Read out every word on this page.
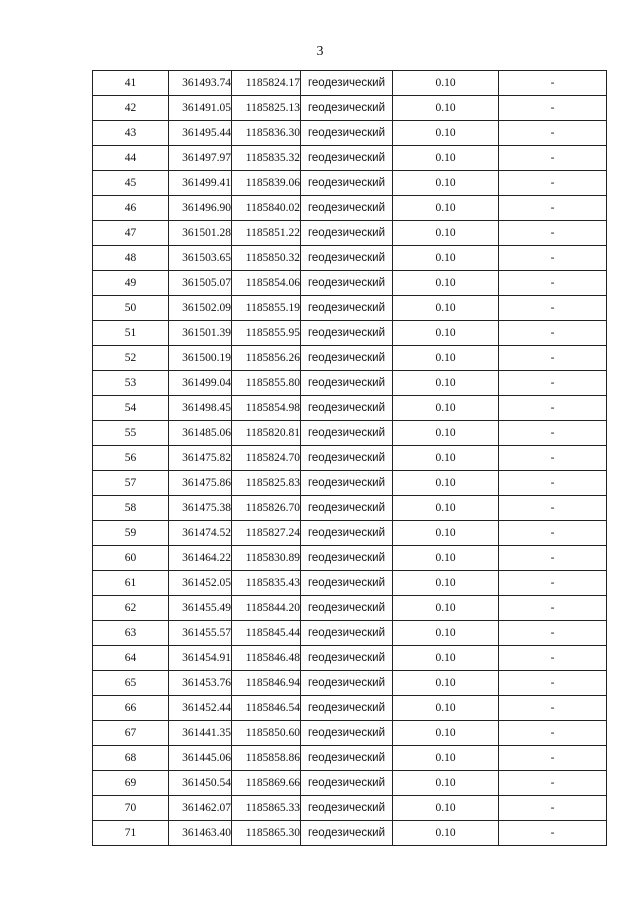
3
41	361493.74	1185824.17	геодезический	0.10	-
42	361491.05	1185825.13	геодезический	0.10	-
43	361495.44	1185836.30	геодезический	0.10	-
44	361497.97	1185835.32	геодезический	0.10	-
45	361499.41	1185839.06	геодезический	0.10	-
46	361496.90	1185840.02	геодезический	0.10	-
47	361501.28	1185851.22	геодезический	0.10	-
48	361503.65	1185850.32	геодезический	0.10	-
49	361505.07	1185854.06	геодезический	0.10	-
50	361502.09	1185855.19	геодезический	0.10	-
51	361501.39	1185855.95	геодезический	0.10	-
52	361500.19	1185856.26	геодезический	0.10	-
53	361499.04	1185855.80	геодезический	0.10	-
54	361498.45	1185854.98	геодезический	0.10	-
55	361485.06	1185820.81	геодезический	0.10	-
56	361475.82	1185824.70	геодезический	0.10	-
57	361475.86	1185825.83	геодезический	0.10	-
58	361475.38	1185826.70	геодезический	0.10	-
59	361474.52	1185827.24	геодезический	0.10	-
60	361464.22	1185830.89	геодезический	0.10	-
61	361452.05	1185835.43	геодезический	0.10	-
62	361455.49	1185844.20	геодезический	0.10	-
63	361455.57	1185845.44	геодезический	0.10	-
64	361454.91	1185846.48	геодезический	0.10	-
65	361453.76	1185846.94	геодезический	0.10	-
66	361452.44	1185846.54	геодезический	0.10	-
67	361441.35	1185850.60	геодезический	0.10	-
68	361445.06	1185858.86	геодезический	0.10	-
69	361450.54	1185869.66	геодезический	0.10	-
70	361462.07	1185865.33	геодезический	0.10	-
71	361463.40	1185865.30	геодезический	0.10	-
